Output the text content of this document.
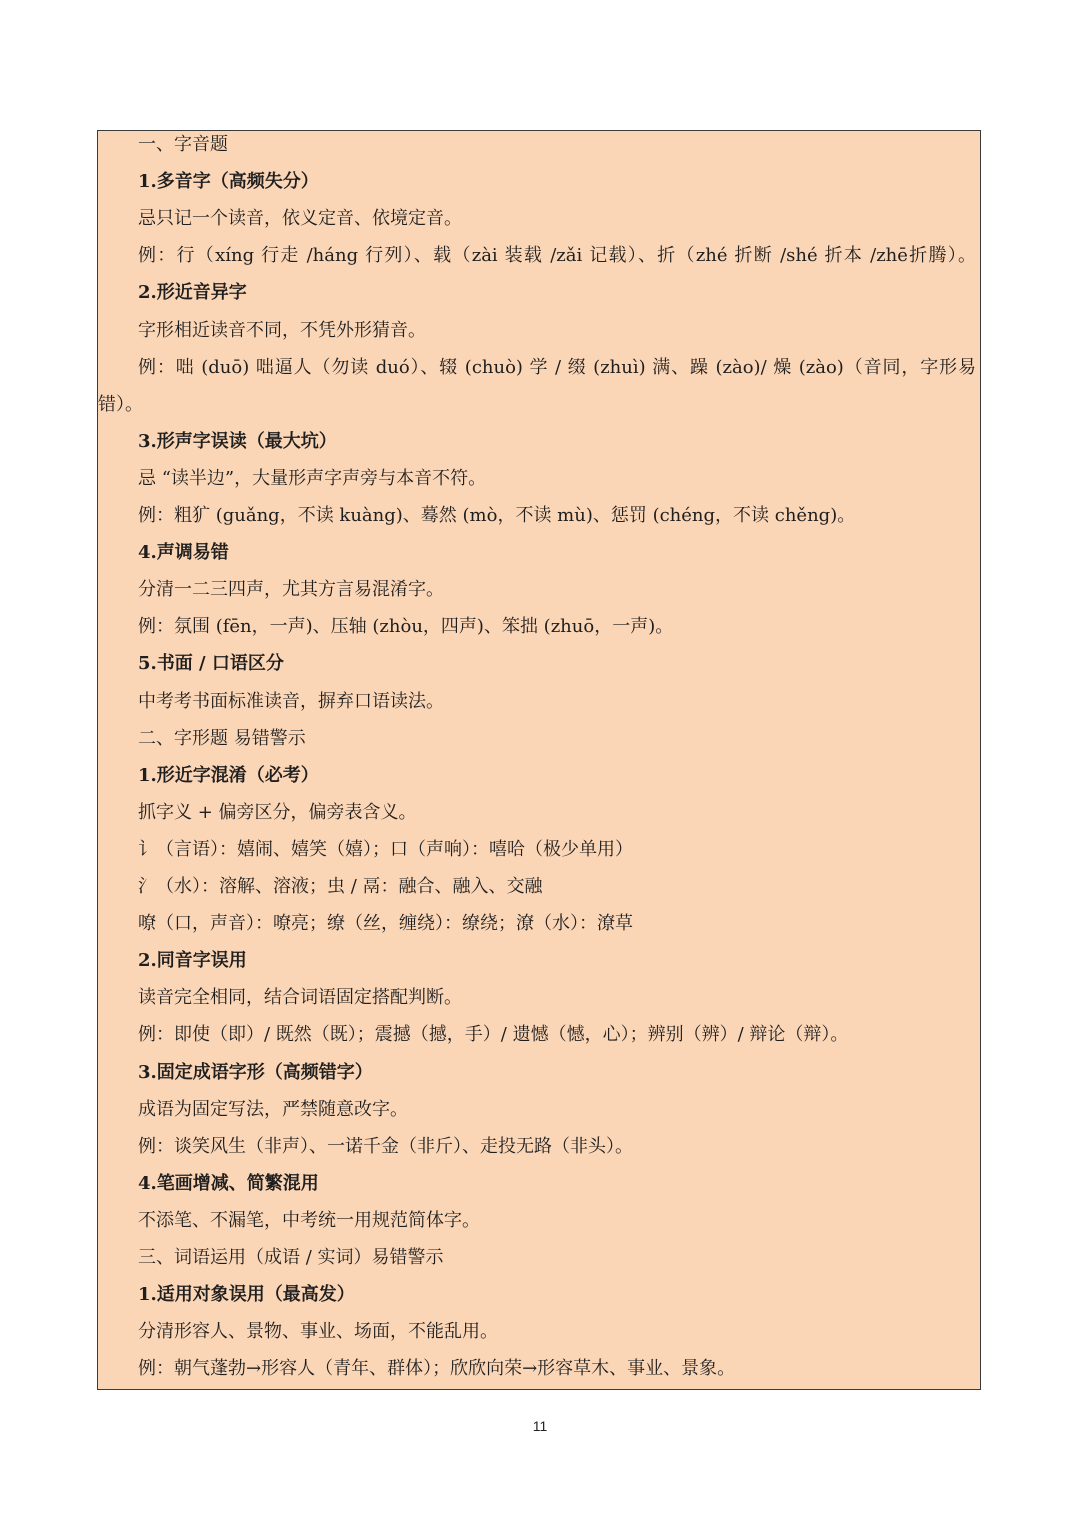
一、字音题
1.多音字（高频失分）
忌只记一个读音，依义定音、依境定音。
例：行（xíng 行走 /háng 行列）、载（zài 装载 /zǎi 记载）、折（zhé 折断 /shé 折本 /zhē折腾）。
2.形近音异字
字形相近读音不同，不凭外形猜音。
例：咄 (duō) 咄逼人（勿读 duó）、辍 (chuò) 学 / 缀 (zhuì) 满、躁 (zào)/ 燥 (zào)（音同，字形易
错）。
3.形声字误读（最大坑）
忌 “读半边”，大量形声字声旁与本音不符。
例：粗犷 (guǎng，不读 kuàng)、蓦然 (mò，不读 mù)、惩罚 (chéng，不读 chěng)。
4.声调易错
分清一二三四声，尤其方言易混淆字。
例：氛围 (fēn，一声)、压轴 (zhòu，四声)、笨拙 (zhuō，一声)。
5.书面 / 口语区分
中考考书面标准读音，摒弃口语读法。
二、字形题 易错警示
1.形近字混淆（必考）
抓字义 + 偏旁区分，偏旁表含义。
讠（言语）：嬉闹、嬉笑（嬉）；口（声响）：嘻哈（极少单用）
氵（水）：溶解、溶液；虫 / 鬲：融合、融入、交融
嘹（口，声音）：嘹亮；缭（丝，缠绕）：缭绕；潦（水）：潦草
2.同音字误用
读音完全相同，结合词语固定搭配判断。
例：即使（即）/ 既然（既）；震撼（撼，手）/ 遗憾（憾，心）；辨别（辨）/ 辩论（辩）。
3.固定成语字形（高频错字）
成语为固定写法，严禁随意改字。
例：谈笑风生（非声）、一诺千金（非斤）、走投无路（非头）。
4.笔画增减、简繁混用
不添笔、不漏笔，中考统一用规范简体字。
三、词语运用（成语 / 实词）易错警示
1.适用对象误用（最高发）
分清形容人、景物、事业、场面，不能乱用。
例：朝气蓬勃→形容人（青年、群体）；欣欣向荣→形容草木、事业、景象。
11
